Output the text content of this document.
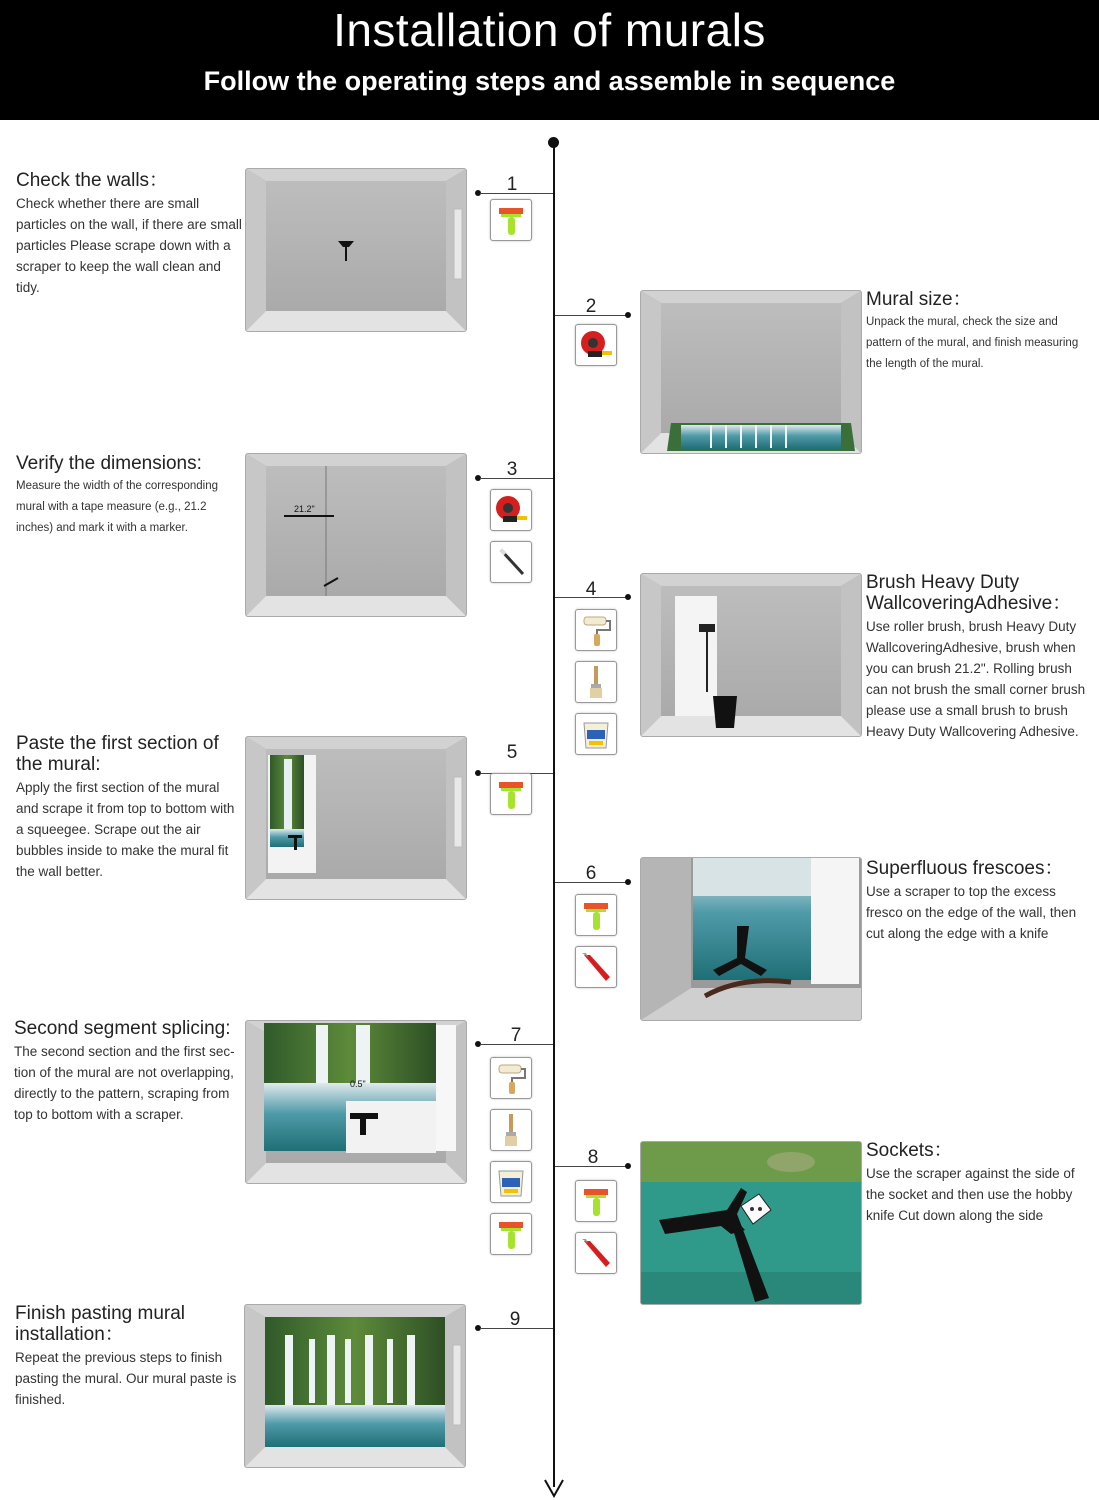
Installation of murals
Follow the operating steps and assemble in sequence
Check the walls：
Check whether there are small particles on the wall, if there are small particles Please scrape down with a scraper to keep the wall clean and tidy.
1
Mural size：
Unpack the mural, check the size and pattern of the mural, and finish measuring the length of the mural.
2
Verify the dimensions:
Measure the width of the corresponding mural with a tape measure (e.g., 21.2 inches) and mark it with a marker.
21.2"
3
Brush Heavy Duty WallcoveringAdhesive：
Use roller brush, brush Heavy Duty WallcoveringAdhesive, brush when you can brush 21.2". Rolling brush can not brush the small corner brush please use a small brush to brush Heavy Duty Wallcovering Adhesive.
4
Paste the first section of the mural:
Apply the first section of the mural and scrape it from top to bottom with a squeegee. Scrape out the air bubbles inside to make the mural fit the wall better.
5
Superfluous frescoes：
Use a scraper to top the excess fresco on the edge of the wall, then cut along the edge with a knife
6
Second segment splicing:
The second section and the first sec- tion of the mural are not overlapping, directly to the pattern, scraping from top to bottom with a scraper.
0.5"
7
Sockets：
Use the scraper against the side of the socket and then use the hobby knife Cut down along the side
8
Finish pasting mural installation：
Repeat the previous steps to finish pasting the mural. Our mural paste is finished.
9
